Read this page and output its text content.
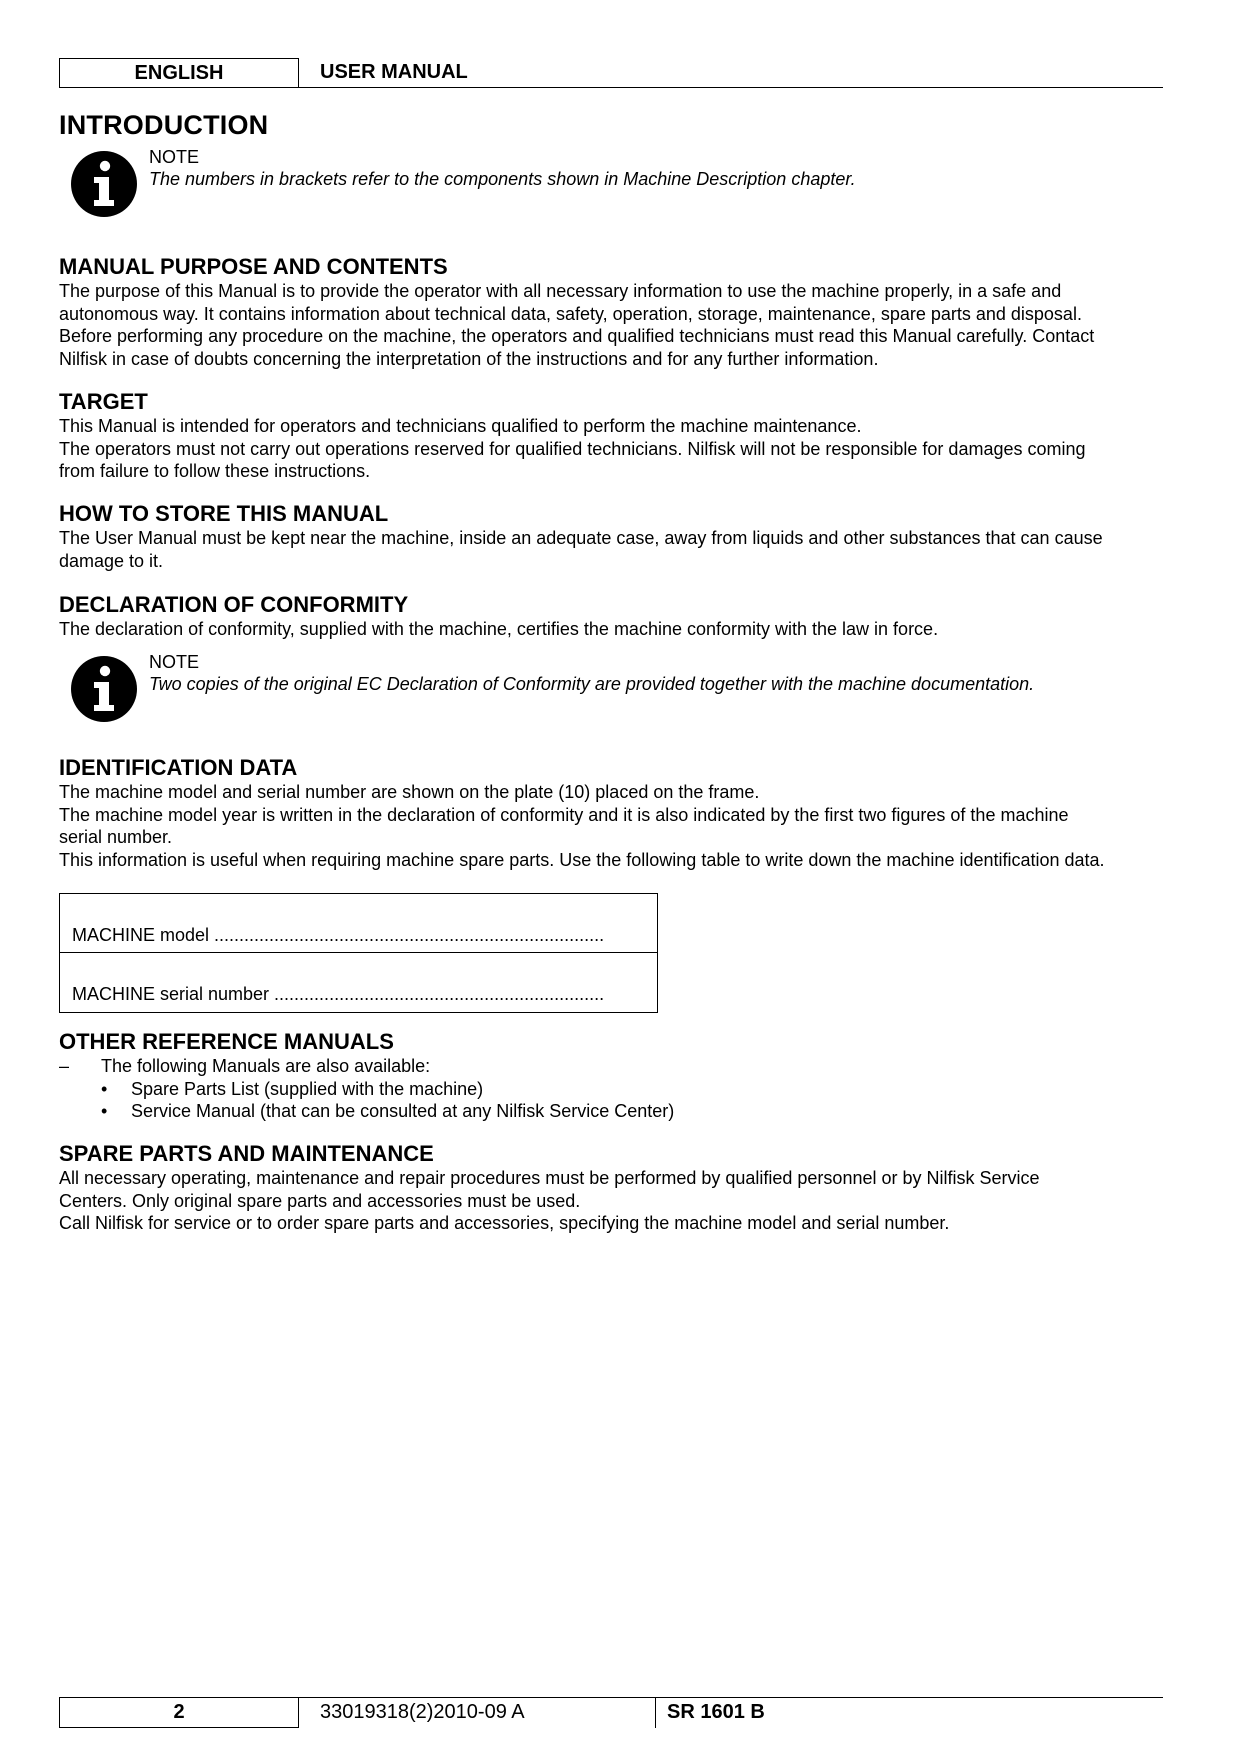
ENGLISH	USER MANUAL
INTRODUCTION
NOTE
The numbers in brackets refer to the components shown in Machine Description chapter.
MANUAL PURPOSE AND CONTENTS

The purpose of this Manual is to provide the operator with all necessary information to use the machine properly, in a safe and

autonomous way. It contains information about technical data, safety, operation, storage, maintenance, spare parts and disposal.

Before performing any procedure on the machine, the operators and qualified technicians must read this Manual carefully. Contact

Nilfisk in case of doubts concerning the interpretation of the instructions and for any further information.

TARGET

This Manual is intended for operators and technicians qualified to perform the machine maintenance.

The operators must not carry out operations reserved for qualified technicians. Nilfisk will not be responsible for damages coming

from failure to follow these instructions.

HOW TO STORE THIS MANUAL

The User Manual must be kept near the machine, inside an adequate case, away from liquids and other substances that can cause

damage to it.

DECLARATION OF CONFORMITY

The declaration of conformity, supplied with the machine, certifies the machine conformity with the law in force.

NOTE
Two copies of the original EC Declaration of Conformity are provided together with the machine documentation.
IDENTIFICATION DATA

The machine model and serial number are shown on the plate (10) placed on the frame.

The machine model year is written in the declaration of conformity and it is also indicated by the first two figures of the machine

serial number.

This information is useful when requiring machine spare parts. Use the following table to write down the machine identification data.

MACHINE model ..............................................................................
MACHINE serial number ..................................................................
OTHER REFERENCE MANUALS
– The following Manuals are also available:
• Spare Parts List (supplied with the machine)
• Service Manual (that can be consulted at any Nilfisk Service Center)
SPARE PARTS AND MAINTENANCE

All necessary operating, maintenance and repair procedures must be performed by qualified personnel or by Nilfisk Service

Centers. Only original spare parts and accessories must be used.

Call Nilfisk for service or to order spare parts and accessories, specifying the machine model and serial number.

2	33019318(2)2010-09 A	SR 1601 B
